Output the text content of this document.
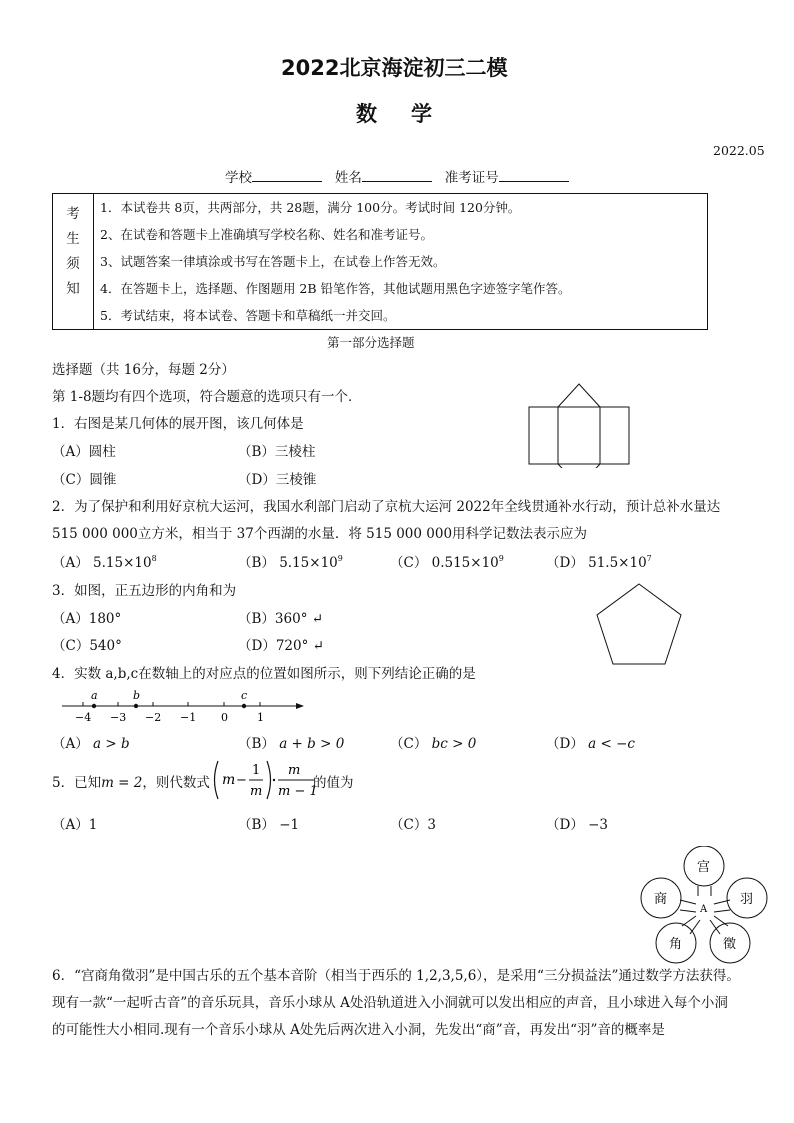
2022北京海淀初三二模
数学
2022.05
学校	姓名	准考证号
考
生
须
知

1．本试卷共 8页，共两部分，共 28题，满分 100分。考试时间 120分钟。
2、在试卷和答题卡上准确填写学校名称、姓名和准考证号。
3、试题答案一律填涂或书写在答题卡上，在试卷上作答无效。
4．在答题卡上，选择题、作图题用 2B 铅笔作答，其他试题用黑色字迹签字笔作答。
5．考试结束，将本试卷、答题卡和草稿纸一并交回。
第一部分选择题
选择题（共 16分，每题 2分）
第 1-8题均有四个选项，符合题意的选项只有一个．
1．右图是某几何体的展开图，该几何体是
（A）圆柱	（B）三棱柱
（C）圆锥	（D）三棱锥
2．为了保护和利用好京杭大运河，我国水利部门启动了京杭大运河 2022年全线贯通补水行动，预计总补水量达
515 000 000立方米，相当于 37个西湖的水量．将 515 000 000用科学记数法表示应为
（A） $5.15\times 10^8$	（B） $5.15\times 10^9$	（C） $0.515\times 10^9$	（D） $51.5\times 10^7$
3．如图，正五边形的内角和为
（A）180°	（B）360° ↵
（C）540°	（D）720° ↵
4．实数 a,b,c在数轴上的对应点的位置如图所示，则下列结论正确的是
−4 −3 −2 −1 0	1
a	b	c
（A） a > b	（B） a + b > 0	（C） bc > 0	（D） a < −c
5．已知m = 2，则代数式 m −
1
m
m
m − 1
的值为
（A）1	（B） −1	（C）3	（D） −3
宫
商	羽
角	徵
A
6．“宫商角徵羽”是中国古乐的五个基本音阶（相当于西乐的 1,2,3,5,6），是采用“三分损益法”通过数学方法获得。
现有一款“一起听古音”的音乐玩具，音乐小球从 A处沿轨道进入小洞就可以发出相应的声音，且小球进入每个小洞
的可能性大小相同.现有一个音乐小球从 A处先后两次进入小洞，先发出“商”音，再发出“羽”音的概率是
